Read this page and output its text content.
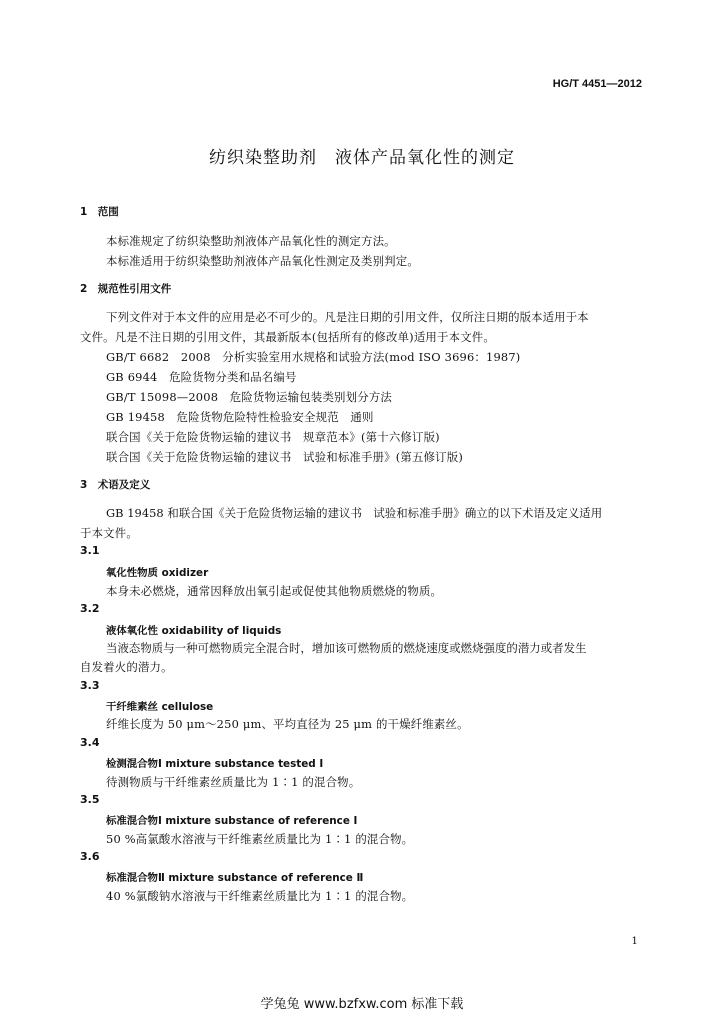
HG/T 4451—2012
纺织染整助剂　液体产品氧化性的测定
1　范围
本标准规定了纺织染整助剂液体产品氧化性的测定方法。
本标准适用于纺织染整助剂液体产品氧化性测定及类别判定。
2　规范性引用文件
下列文件对于本文件的应用是必不可少的。凡是注日期的引用文件，仅所注日期的版本适用于本
文件。凡是不注日期的引用文件，其最新版本(包括所有的修改单)适用于本文件。
GB/T 6682　2008　分析实验室用水规格和试验方法(mod ISO 3696：1987)
GB 6944　危险货物分类和品名编号
GB/T 15098—2008　危险货物运输包装类别划分方法
GB 19458　危险货物危险特性检验安全规范　通则
联合国《关于危险货物运输的建议书　规章范本》(第十六修订版)
联合国《关于危险货物运输的建议书　试验和标准手册》(第五修订版)
3　术语及定义
GB 19458 和联合国《关于危险货物运输的建议书　试验和标准手册》确立的以下术语及定义适用
于本文件。
3.1
氧化性物质 oxidizer
本身未必燃烧，通常因释放出氧引起或促使其他物质燃烧的物质。
3.2
液体氧化性 oxidability of liquids
当液态物质与一种可燃物质完全混合时，增加该可燃物质的燃烧速度或燃烧强度的潜力或者发生
自发着火的潜力。
3.3
干纤维素丝 cellulose
纤维长度为 50 μm～250 μm、平均直径为 25 μm 的干燥纤维素丝。
3.4
检测混合物Ⅰ mixture substance tested Ⅰ
待测物质与干纤维素丝质量比为 1∶1 的混合物。
3.5
标准混合物Ⅰ mixture substance of reference Ⅰ
50 %高氯酸水溶液与干纤维素丝质量比为 1∶1 的混合物。
3.6
标准混合物Ⅱ mixture substance of reference Ⅱ
40 %氯酸钠水溶液与干纤维素丝质量比为 1∶1 的混合物。
1
学兔兔 www.bzfxw.com 标准下载
